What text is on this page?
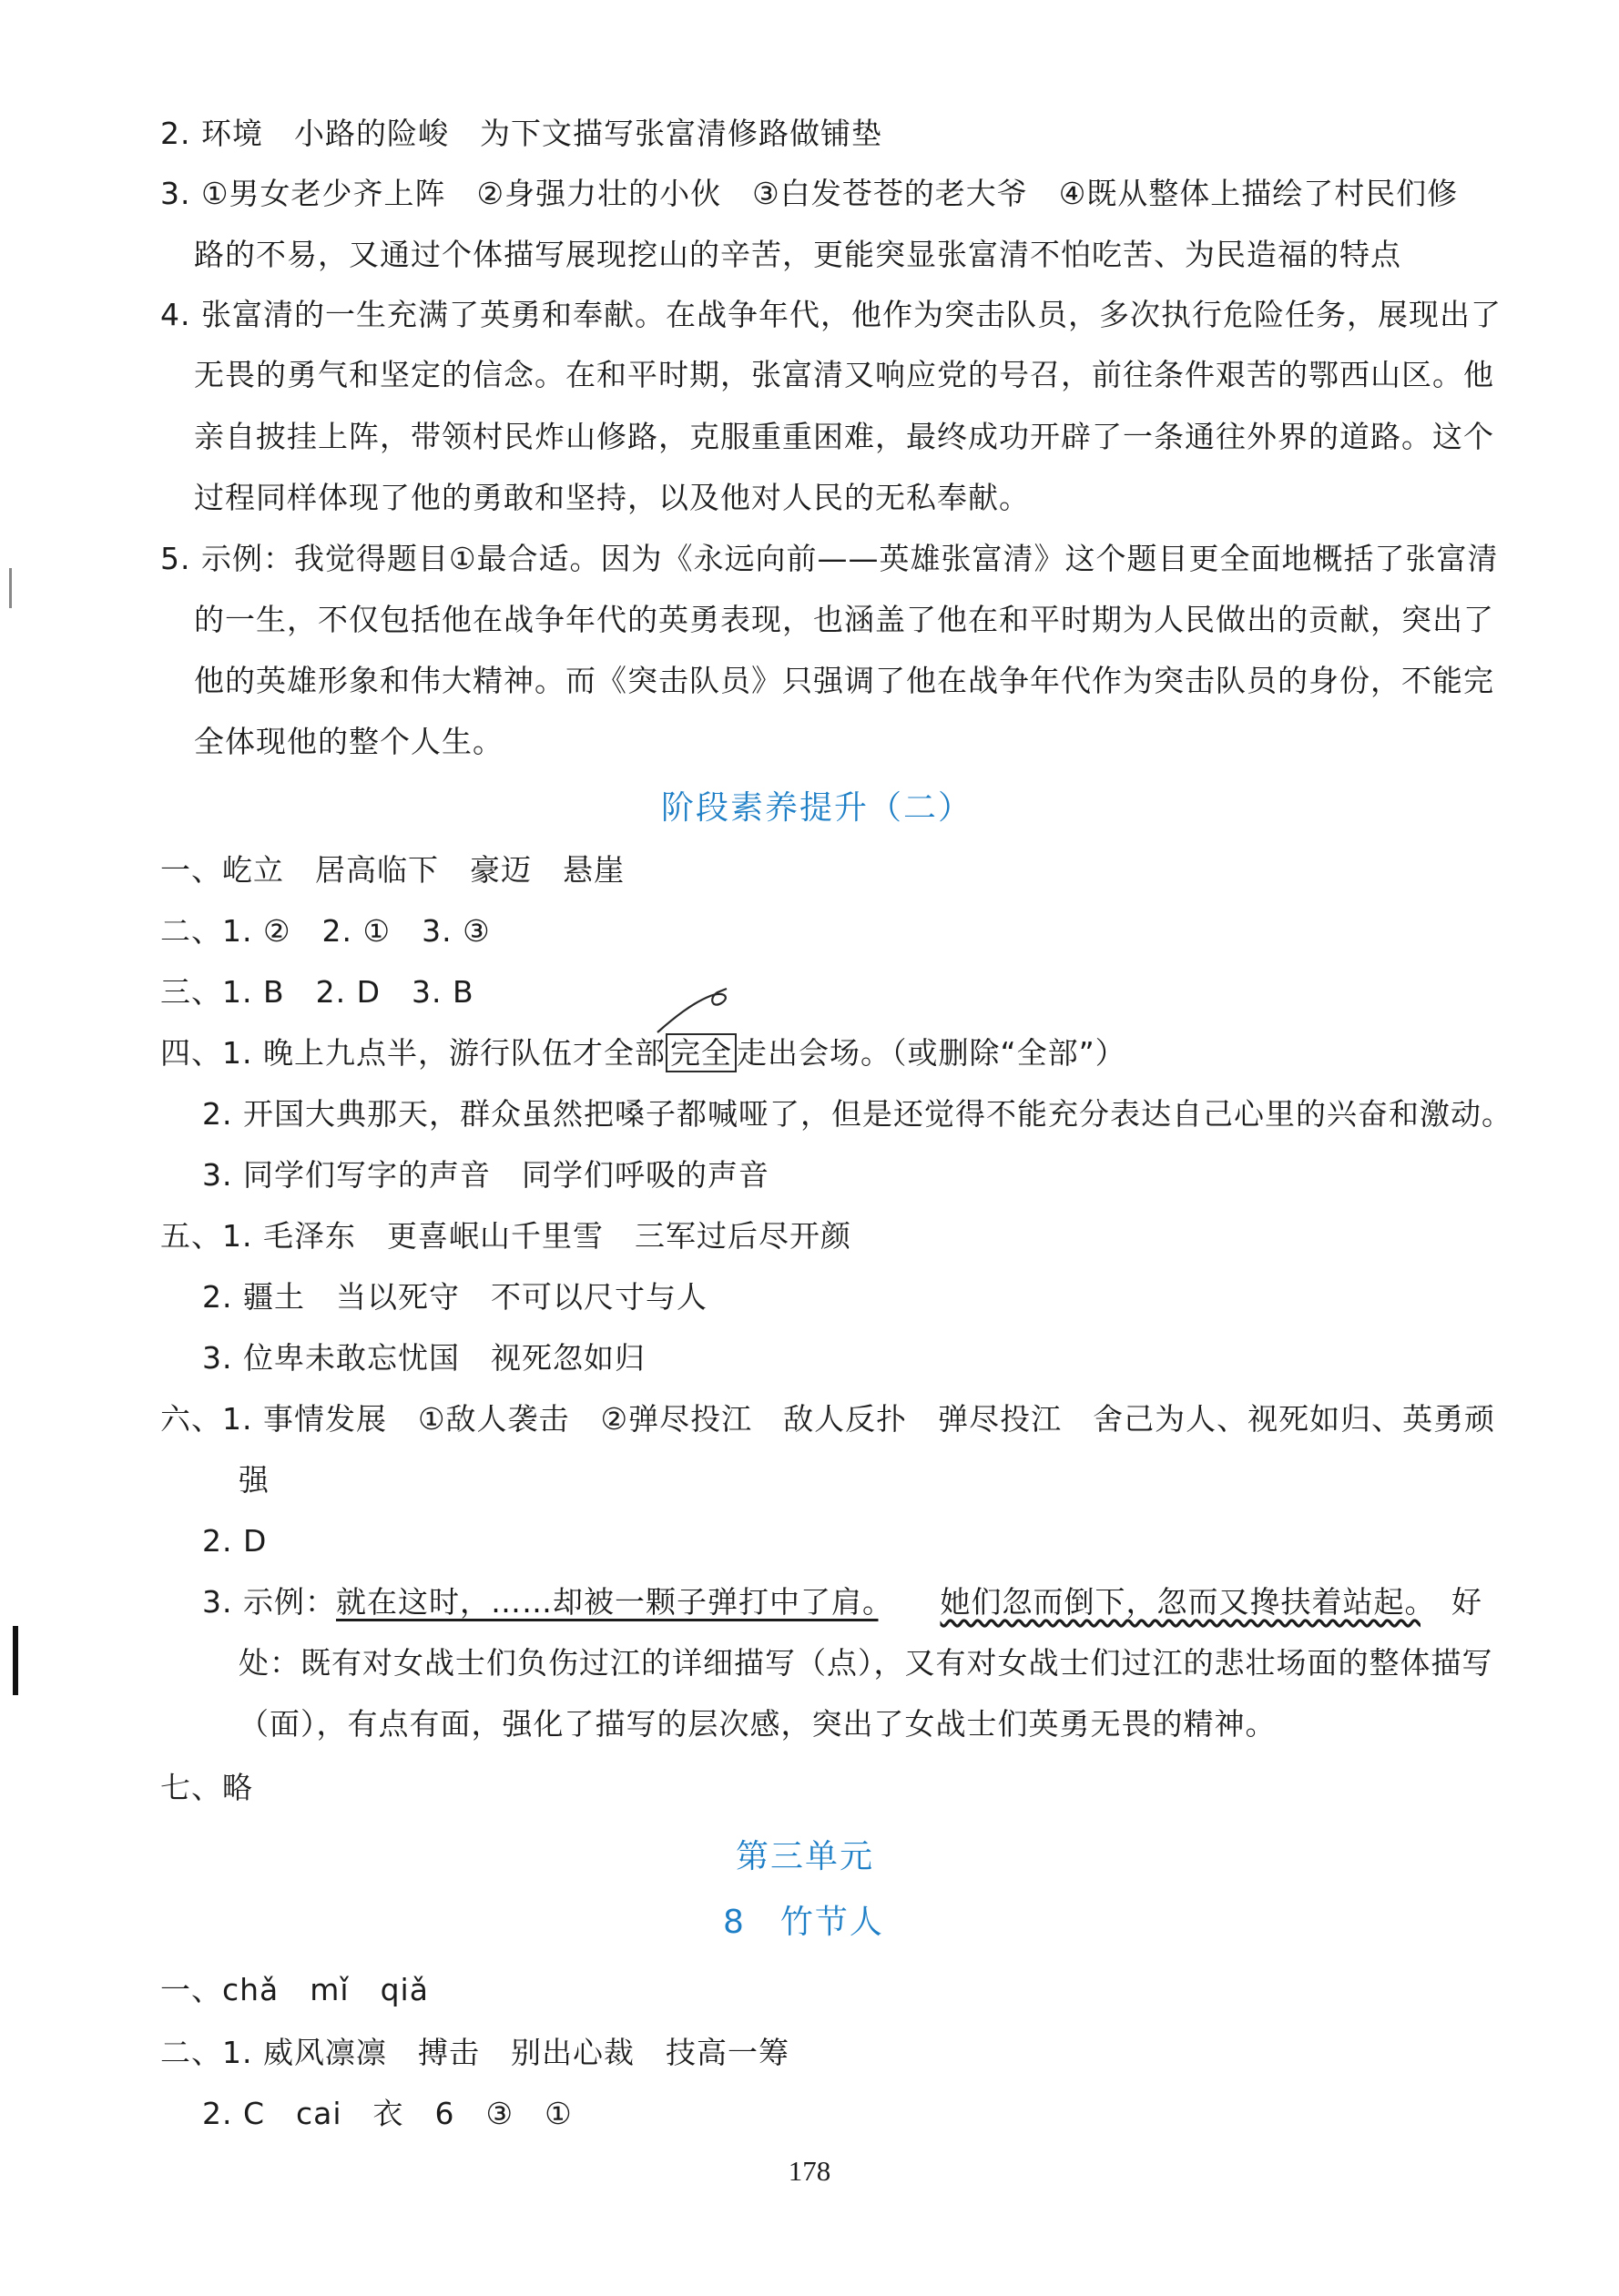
2. 环境　小路的险峻　为下文描写张富清修路做铺垫
3. ①男女老少齐上阵　②身强力壮的小伙　③白发苍苍的老大爷　④既从整体上描绘了村民们修
路的不易，又通过个体描写展现挖山的辛苦，更能突显张富清不怕吃苦、为民造福的特点
4. 张富清的一生充满了英勇和奉献。在战争年代，他作为突击队员，多次执行危险任务，展现出了
无畏的勇气和坚定的信念。在和平时期，张富清又响应党的号召，前往条件艰苦的鄂西山区。他
亲自披挂上阵，带领村民炸山修路，克服重重困难，最终成功开辟了一条通往外界的道路。这个
过程同样体现了他的勇敢和坚持，以及他对人民的无私奉献。
5. 示例：我觉得题目①最合适。因为《永远向前——英雄张富清》这个题目更全面地概括了张富清
的一生，不仅包括他在战争年代的英勇表现，也涵盖了他在和平时期为人民做出的贡献，突出了
他的英雄形象和伟大精神。而《突击队员》只强调了他在战争年代作为突击队员的身份，不能完
全体现他的整个人生。
阶段素养提升（二）
一、屹立　居高临下　豪迈　悬崖
二、1. ②　2. ①　3. ③
三、1. B　2. D　3. B
四、1. 晚上九点半，游行队伍才全部 完全 走出会场。（或删除“全部”）
2. 开国大典那天，群众虽然把嗓子都喊哑了，但是还觉得不能充分表达自己心里的兴奋和激动。
3. 同学们写字的声音　同学们呼吸的声音
五、1. 毛泽东　更喜岷山千里雪　三军过后尽开颜
2. 疆土　当以死守　不可以尺寸与人
3. 位卑未敢忘忧国　视死忽如归
六、1. 事情发展　①敌人袭击　②弹尽投江　敌人反扑　弹尽投江　舍己为人、视死如归、英勇顽
强
2. D
3. 示例：就在这时，……却被一颗子弹打中了肩。　　 她们忽而倒下，忽而又搀扶着站起。　 好
处：既有对女战士们负伤过江的详细描写（点），又有对女战士们过江的悲壮场面的整体描写
（面），有点有面，强化了描写的层次感，突出了女战士们英勇无畏的精神。
七、略
第三单元
8　竹节人
一、chǎ　mǐ　qiǎ
二、1. 威风凛凛　搏击　别出心裁　技高一筹
2. C　cai　衣　6　③　①
178
